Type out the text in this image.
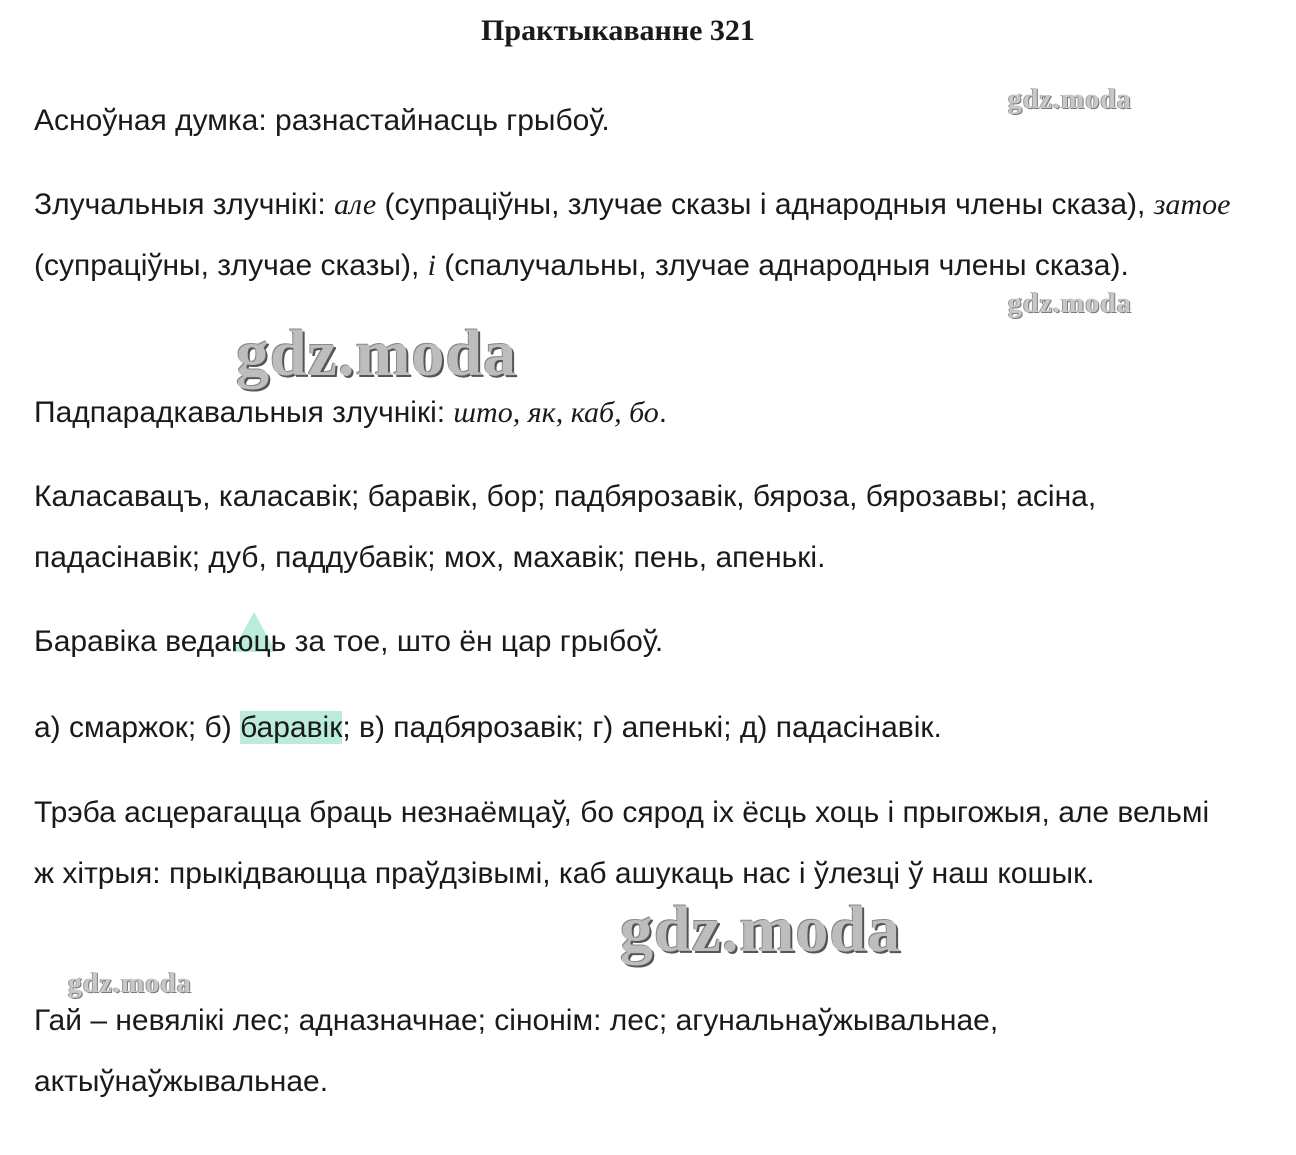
Практыкаванне 321

Асноўная думка: разнастайнасць грыбоў.

Злучальныя злучнікі: але (супраціўны, злучае сказы і аднародныя члены сказа), затое (супраціўны, злучае сказы), і (спалучальны, злучае аднародныя члены сказа).

Падпарадкавальныя злучнікі: што, як, каб, бо.

Каласавацъ, каласавік; баравік, бор; падбярозавік, бяроза, бярозавы; асіна, падасінавік; дуб, паддубавік; мох, махавік; пень, апенькі.

Баравіка ведаюць за тое, што ён цар грыбоў.

а) смаржок; б) баравік; в) падбярозавік; г) апенькі; д) падасінавік.

Трэба асцерагацца браць незнаёмцаў, бо сярод іх ёсць хоць і прыгожыя, але вельмі ж хітрыя: прыкідваюцца праўдзівымі, каб ашукаць нас і ўлезці ў наш кошык.

Гай – невялікі лес; адназначнае; сінонім: лес; агунальнаўжывальнае, актыўнаўжывальнае.

gdz.moda
gdz.moda
gdz.moda
gdz.moda
gdz.moda
